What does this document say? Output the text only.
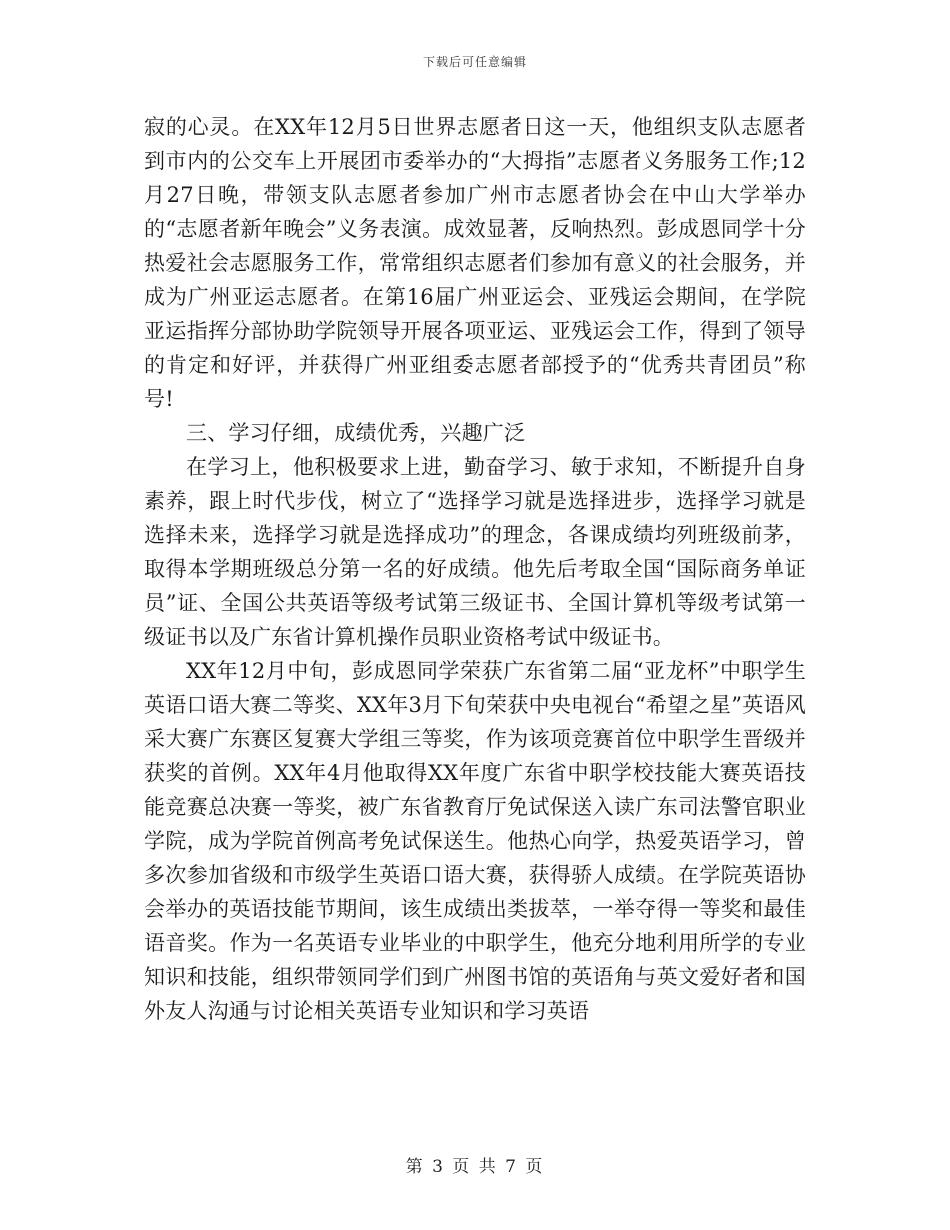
下载后可任意编辑

寂的心灵。在XX年12月5日世界志愿者日这一天，他组织支队志愿者到市内的公交车上开展团市委举办的“大拇指”志愿者义务服务工作;12月27日晚，带领支队志愿者参加广州市志愿者协会在中山大学举办的“志愿者新年晚会”义务表演。成效显著，反响热烈。彭成恩同学十分热爱社会志愿服务工作，常常组织志愿者们参加有意义的社会服务，并成为广州亚运志愿者。在第16届广州亚运会、亚残运会期间，在学院亚运指挥分部协助学院领导开展各项亚运、亚残运会工作，得到了领导的肯定和好评，并获得广州亚组委志愿者部授予的“优秀共青团员”称号!

三、学习仔细，成绩优秀，兴趣广泛

在学习上，他积极要求上进，勤奋学习、敏于求知，不断提升自身素养，跟上时代步伐，树立了“选择学习就是选择进步，选择学习就是选择未来，选择学习就是选择成功”的理念，各课成绩均列班级前茅，取得本学期班级总分第一名的好成绩。他先后考取全国“国际商务单证员”证、全国公共英语等级考试第三级证书、全国计算机等级考试第一级证书以及广东省计算机操作员职业资格考试中级证书。

XX年12月中旬，彭成恩同学荣获广东省第二届“亚龙杯”中职学生英语口语大赛二等奖、XX年3月下旬荣获中央电视台“希望之星”英语风采大赛广东赛区复赛大学组三等奖，作为该项竞赛首位中职学生晋级并获奖的首例。XX年4月他取得XX年度广东省中职学校技能大赛英语技能竞赛总决赛一等奖，被广东省教育厅免试保送入读广东司法警官职业学院，成为学院首例高考免试保送生。他热心向学，热爱英语学习，曾多次参加省级和市级学生英语口语大赛，获得骄人成绩。在学院英语协会举办的英语技能节期间，该生成绩出类拔萃，一举夺得一等奖和最佳语音奖。作为一名英语专业毕业的中职学生，他充分地利用所学的专业知识和技能，组织带领同学们到广州图书馆的英语角与英文爱好者和国外友人沟通与讨论相关英语专业知识和学习英语

第 3 页 共 7 页
